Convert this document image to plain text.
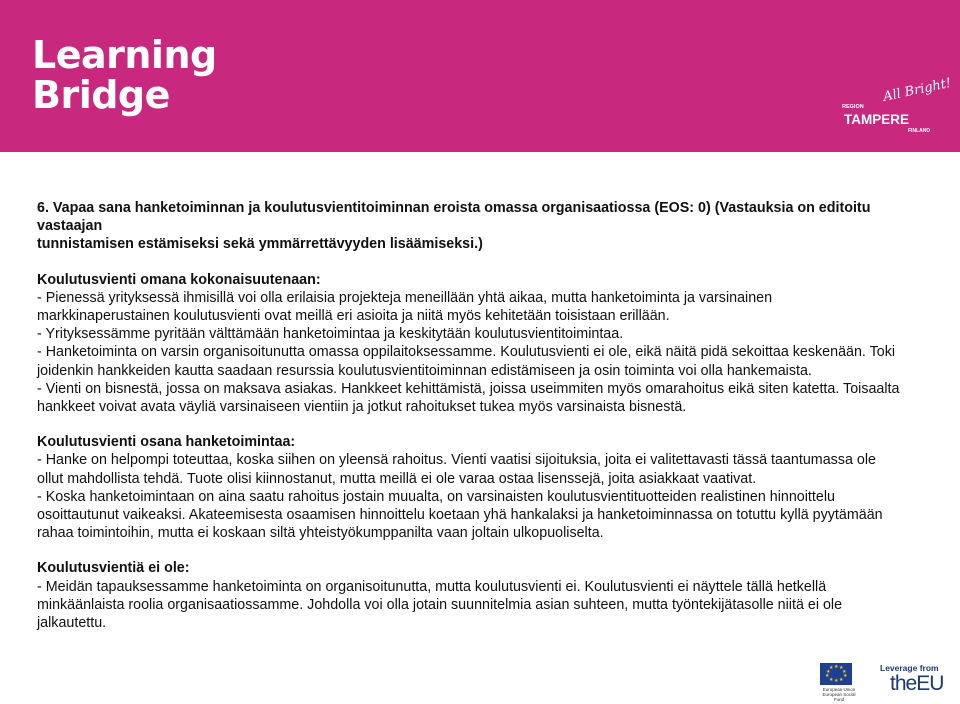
Learning
Bridge	REGION
All Bright!
TAMPERE
FINLAND

6. Vapaa sana hanketoiminnan ja koulutusvientitoiminnan eroista omassa organisaatiossa (EOS: 0) (Vastauksia on editoitu vastaajan

tunnistamisen estämiseksi sekä ymmärrettävyyden lisäämiseksi.)

Koulutusvienti omana kokonaisuutenaan:

- Pienessä yrityksessä ihmisillä voi olla erilaisia projekteja meneillään yhtä aikaa, mutta hanketoiminta ja varsinainen

markkinaperustainen koulutusvienti ovat meillä eri asioita ja niitä myös kehitetään toisistaan erillään.

- Yrityksessämme pyritään välttämään hanketoimintaa ja keskitytään koulutusvientitoimintaa.

- Hanketoiminta on varsin organisoitunutta omassa oppilaitoksessamme. Koulutusvienti ei ole, eikä näitä pidä sekoittaa keskenään. Toki

joidenkin hankkeiden kautta saadaan resurssia koulutusvientitoiminnan edistämiseen ja osin toiminta voi olla hankemaista.

- Vienti on bisnestä, jossa on maksava asiakas. Hankkeet kehittämistä, joissa useimmiten myös omarahoitus eikä siten katetta. Toisaalta

hankkeet voivat avata väyliä varsinaiseen vientiin ja jotkut rahoitukset tukea myös varsinaista bisnestä.

Koulutusvienti osana hanketoimintaa:

- Hanke on helpompi toteuttaa, koska siihen on yleensä rahoitus. Vienti vaatisi sijoituksia, joita ei valitettavasti tässä taantumassa ole

ollut mahdollista tehdä. Tuote olisi kiinnostanut, mutta meillä ei ole varaa ostaa lisenssejä, joita asiakkaat vaativat.

- Koska hanketoimintaan on aina saatu rahoitus jostain muualta, on varsinaisten koulutusvientituotteiden realistinen hinnoittelu

osoittautunut vaikeaksi. Akateemisesta osaamisen hinnoittelu koetaan yhä hankalaksi ja hanketoiminnassa on totuttu kyllä pyytämään

rahaa toimintoihin, mutta ei koskaan siltä yhteistyökumppanilta vaan joltain ulkopuoliselta.

Koulutusvientiä ei ole:

- Meidän tapauksessamme hanketoiminta on organisoitunutta, mutta koulutusvienti ei. Koulutusvienti ei näyttele tällä hetkellä

minkäänlaista roolia organisaatiossamme. Johdolla voi olla jotain suunnitelmia asian suhteen, mutta työntekijätasolle niitä ei ole

jalkautettu.

★ ★
★
★
★
★
★
★
★
★
European Union
European Social Fund
Leverage from
theEU
